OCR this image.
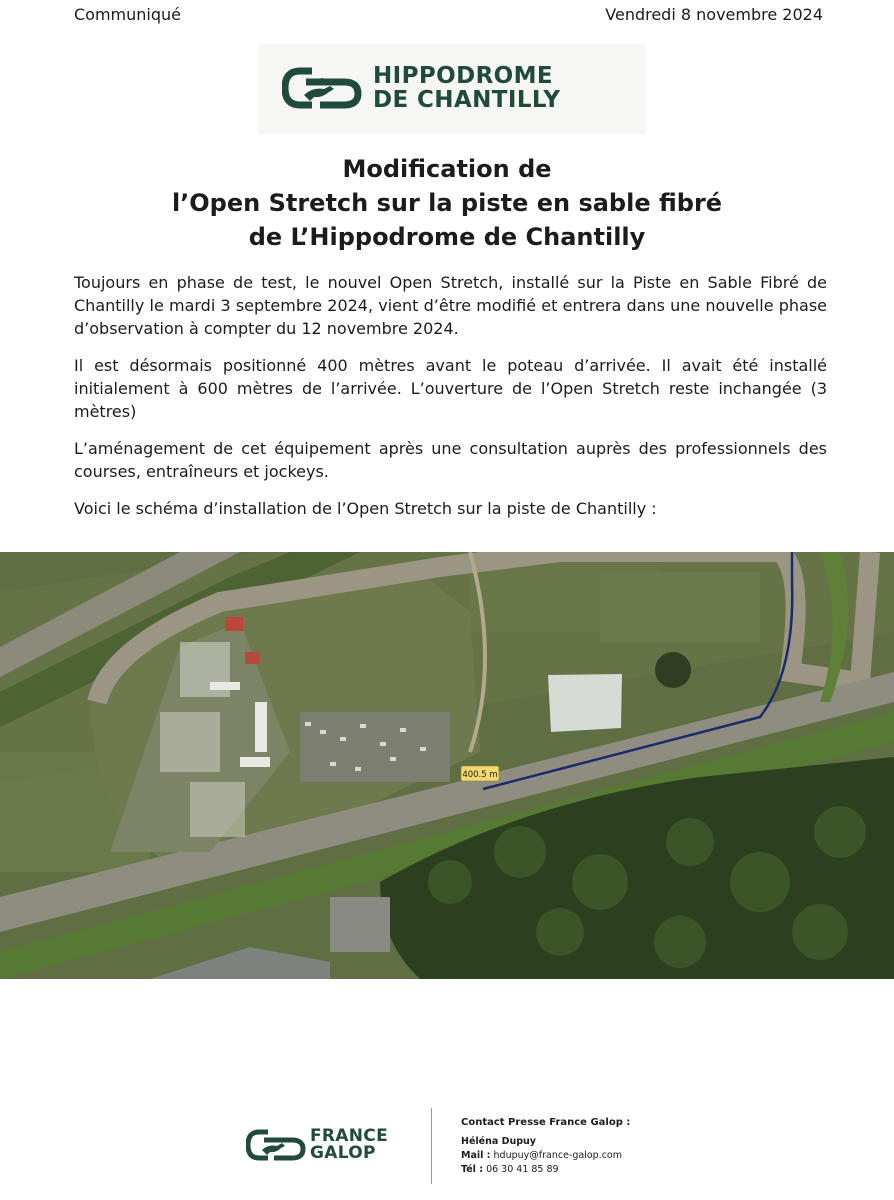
Communiqué	Vendredi 8 novembre 2024
HIPPODROME
DE CHANTILLY
Modification de
l’Open Stretch sur la piste en sable fibré
de L’Hippodrome de Chantilly

Toujours en phase de test, le nouvel Open Stretch, installé sur la Piste en Sable Fibré de Chantilly le mardi 3 septembre 2024, vient d’être modifié et entrera dans une nouvelle phase d’observation à compter du 12 novembre 2024.

Il est désormais positionné 400 mètres avant le poteau d’arrivée. Il avait été installé initialement à 600 mètres de l’arrivée. L’ouverture de l’Open Stretch reste inchangée (3 mètres)

L’aménagement de cet équipement après une consultation auprès des professionnels des courses, entraîneurs et jockeys.

Voici le schéma d’installation de l’Open Stretch sur la piste de Chantilly :

400.5 m
FRANCE
GALOP
Contact Presse France Galop :
Héléna Dupuy
Mail : hdupuy@france-galop.com
Tél : 06 30 41 85 89
